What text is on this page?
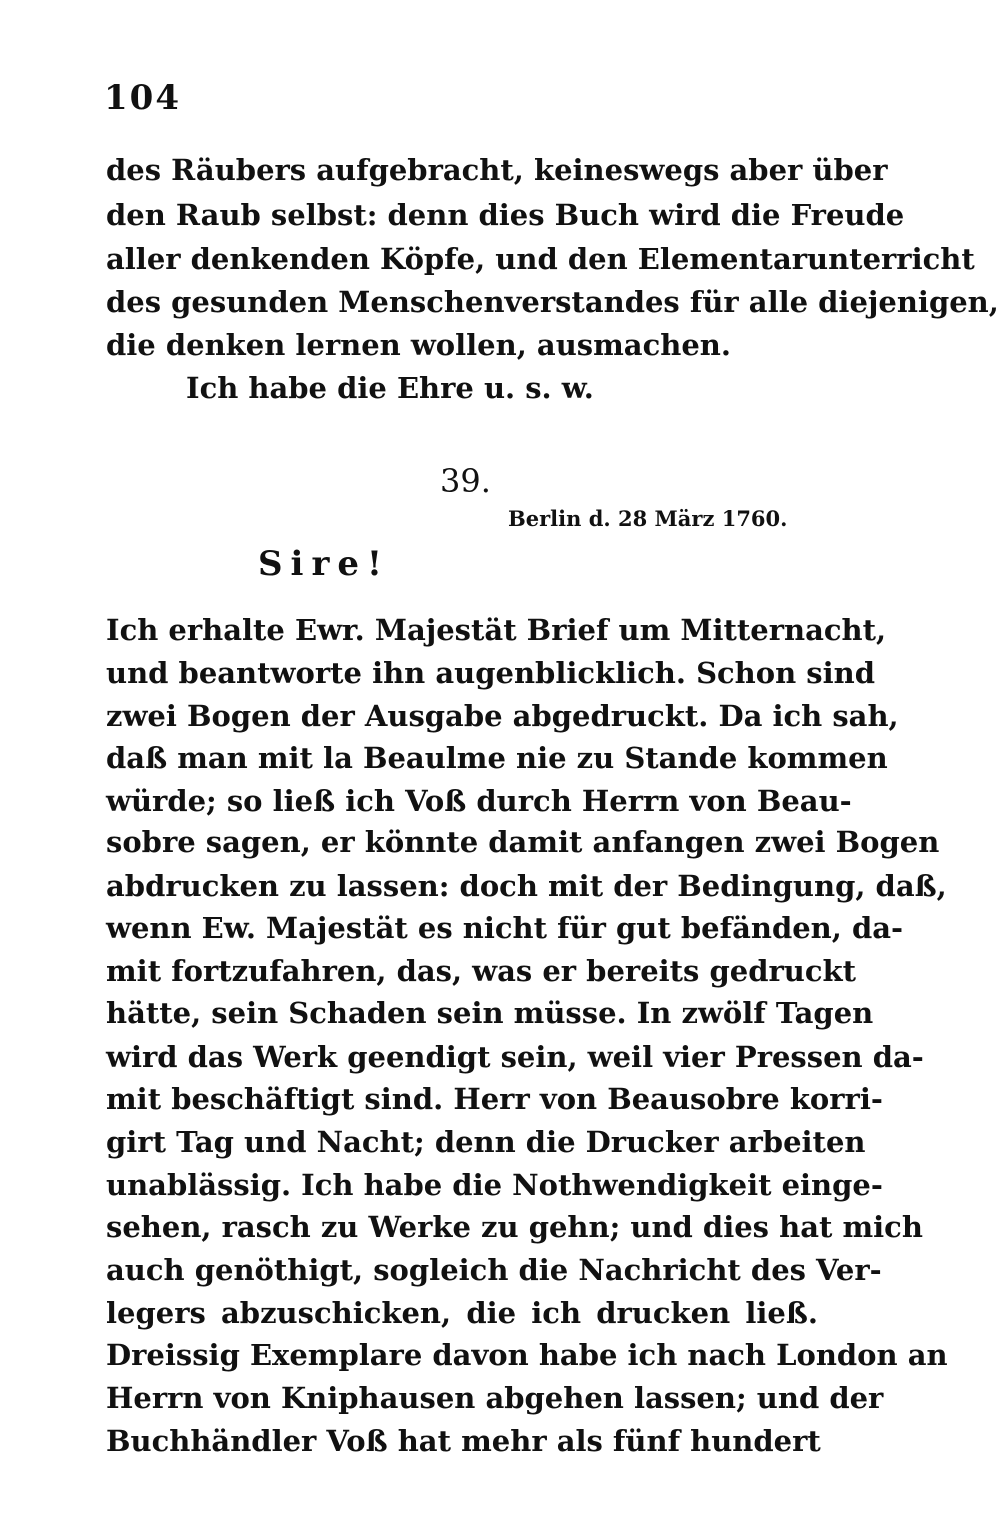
104
des Räubers aufgebracht, keineswegs aber über
den Raub selbst: denn dies Buch wird die Freude
aller denkenden Köpfe, und den Elementarunterricht
des gesunden Menschenverstandes für alle diejenigen,
die denken lernen wollen, ausmachen.
Ich habe die Ehre u. s. w.
39.
Berlin d. 28 März 1760.
Sire!
Ich erhalte Ewr. Majestät Brief um Mitternacht,
und beantworte ihn augenblicklich. Schon sind
zwei Bogen der Ausgabe abgedruckt. Da ich sah,
daß man mit la Beaulme nie zu Stande kommen
würde; so ließ ich Voß durch Herrn von Beau-
sobre sagen, er könnte damit anfangen zwei Bogen
abdrucken zu lassen: doch mit der Bedingung, daß,
wenn Ew. Majestät es nicht für gut befänden, da-
mit fortzufahren, das, was er bereits gedruckt
hätte, sein Schaden sein müsse. In zwölf Tagen
wird das Werk geendigt sein, weil vier Pressen da-
mit beschäftigt sind. Herr von Beausobre korri-
girt Tag und Nacht; denn die Drucker arbeiten
unablässig. Ich habe die Nothwendigkeit einge-
sehen, rasch zu Werke zu gehn; und dies hat mich
auch genöthigt, sogleich die Nachricht des Ver-
legers abzuschicken, die ich drucken ließ.
Dreissig Exemplare davon habe ich nach London an
Herrn von Kniphausen abgehen lassen; und der
Buchhändler Voß hat mehr als fünf hundert
